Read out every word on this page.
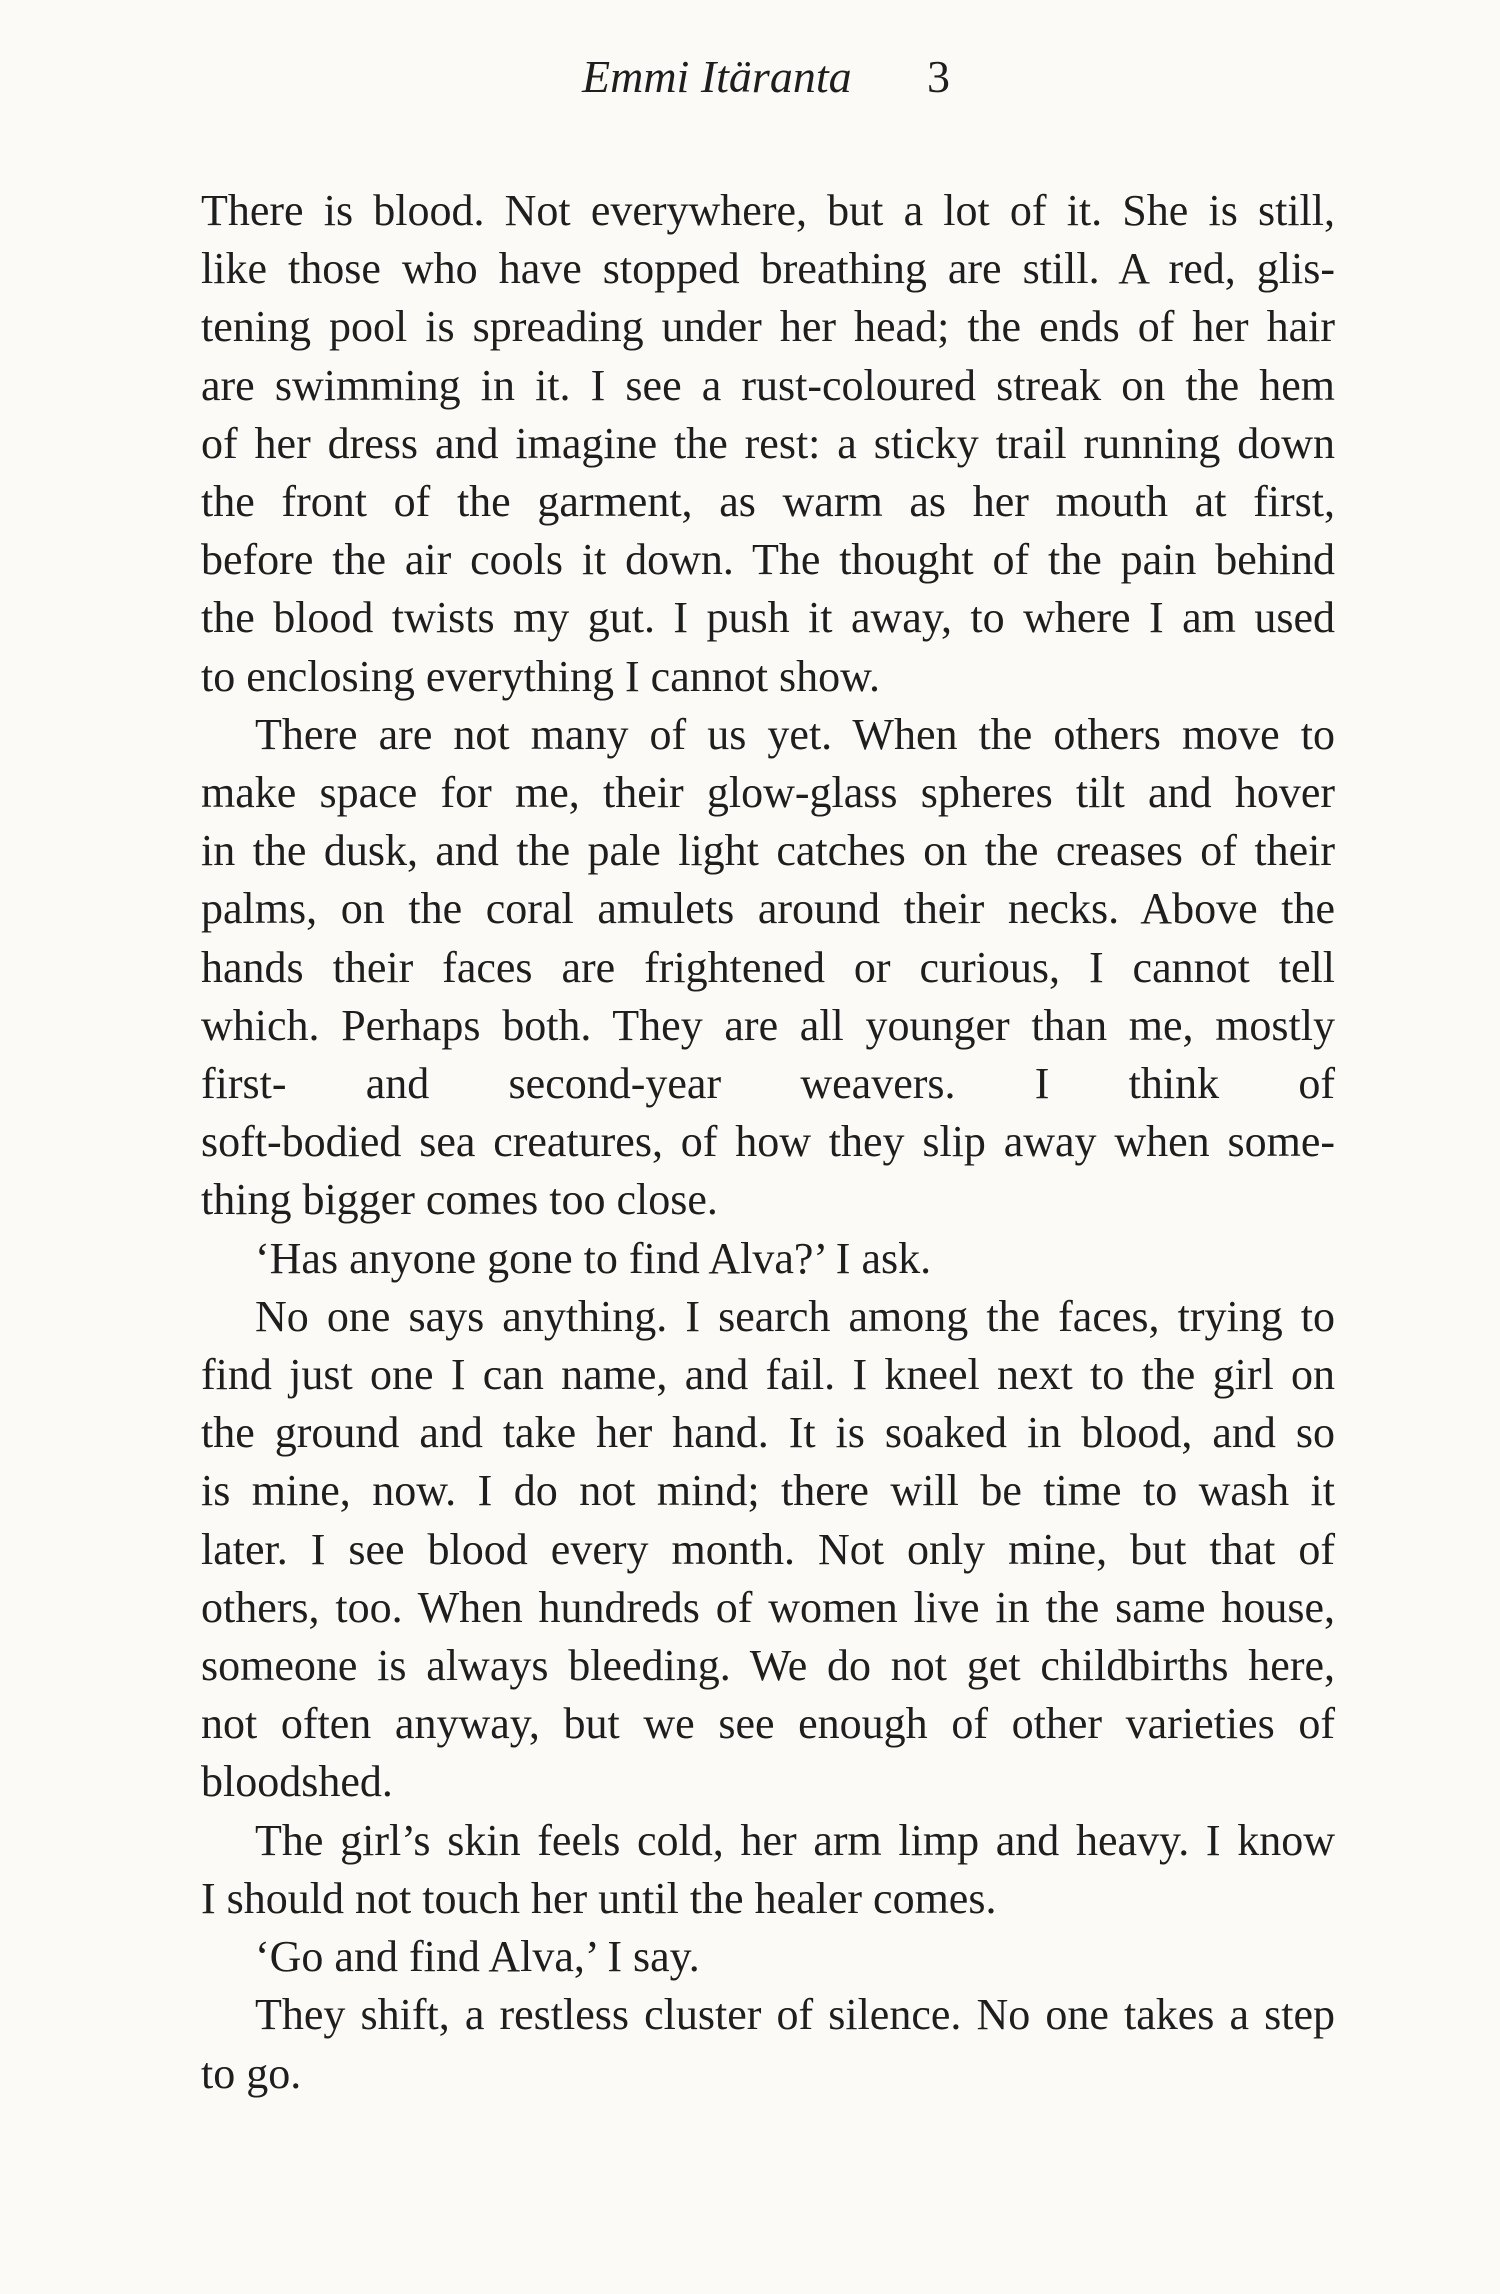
Emmi Itäranta 3

There is blood. Not everywhere, but a lot of it. She is still,
like those who have stopped breathing are still. A red, glis-
tening pool is spreading under her head; the ends of her hair
are swimming in it. I see a rust-coloured streak on the hem
of her dress and imagine the rest: a sticky trail running down
the front of the garment, as warm as her mouth at first,
before the air cools it down. The thought of the pain behind
the blood twists my gut. I push it away, to where I am used
to enclosing everything I cannot show.

There are not many of us yet. When the others move to
make space for me, their glow-glass spheres tilt and hover
in the dusk, and the pale light catches on the creases of their
palms, on the coral amulets around their necks. Above the
hands their faces are frightened or curious, I cannot tell
which. Perhaps both. They are all younger than me, mostly
first- and second-year weavers. I think of
soft-bodied sea creatures, of how they slip away when some-
thing bigger comes too close.

‘Has anyone gone to find Alva?’ I ask.

No one says anything. I search among the faces, trying to
find just one I can name, and fail. I kneel next to the girl on
the ground and take her hand. It is soaked in blood, and so
is mine, now. I do not mind; there will be time to wash it
later. I see blood every month. Not only mine, but that of
others, too. When hundreds of women live in the same house,
someone is always bleeding. We do not get childbirths here,
not often anyway, but we see enough of other varieties of
bloodshed.

The girl’s skin feels cold, her arm limp and heavy. I know
I should not touch her until the healer comes.

‘Go and find Alva,’ I say.

They shift, a restless cluster of silence. No one takes a step
to go.
